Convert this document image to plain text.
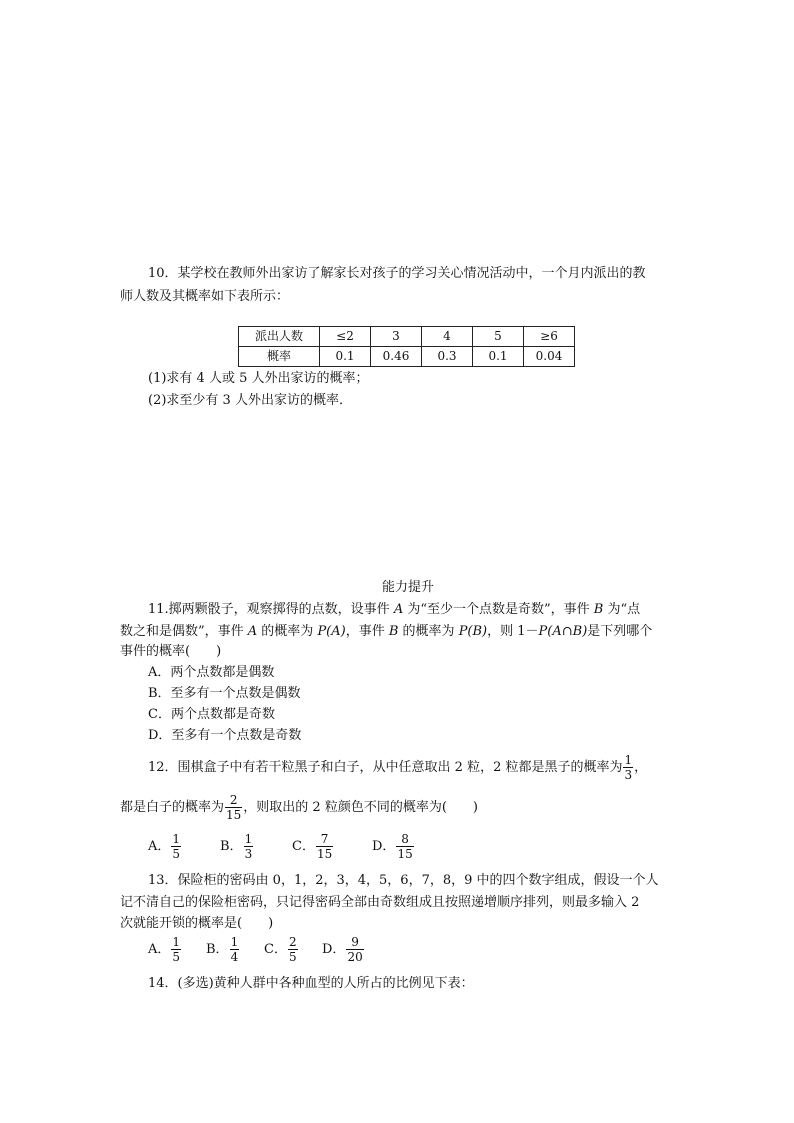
10．某学校在教师外出家访了解家长对孩子的学习关心情况活动中，一个月内派出的教
师人数及其概率如下表所示：
派出人数	≤2	3	4	5	≥6
概率	0.1	0.46	0.3	0.1	0.04
(1)求有 4 人或 5 人外出家访的概率；
(2)求至少有 3 人外出家访的概率．
能力提升
11.掷两颗骰子，观察掷得的点数，设事件 A 为“至少一个点数是奇数”，事件 B 为“点
数之和是偶数”，事件 A 的概率为 P(A)，事件 B 的概率为 P(B)，则 1－P(A∩B)是下列哪个
事件的概率(　　)
A．两个点数都是偶数
B．至多有一个点数是偶数
C．两个点数都是奇数
D．至多有一个点数是奇数
12．围棋盒子中有若干粒黑子和白子，从中任意取出 2 粒，2 粒都是黑子的概率为 $\frac{1}{3}$ ，
都是白子的概率为 $\frac{2}{15}$ ，则取出的 2 粒颜色不同的概率为(　　)
A． $\frac{1}{5}$	B． $\frac{1}{3}$	C． $\frac{7}{15}$	D． $\frac{8}{15}$
13．保险柜的密码由 0，1，2，3，4，5，6，7，8，9 中的四个数字组成，假设一个人
记不清自己的保险柜密码，只记得密码全部由奇数组成且按照递增顺序排列，则最多输入 2
次就能开锁的概率是(　　)
A． $\frac{1}{5}$ B． $\frac{1}{4}$ C． $\frac{2}{5}$ D． $\frac{9}{20}$
14．(多选)黄种人群中各种血型的人所占的比例见下表：
